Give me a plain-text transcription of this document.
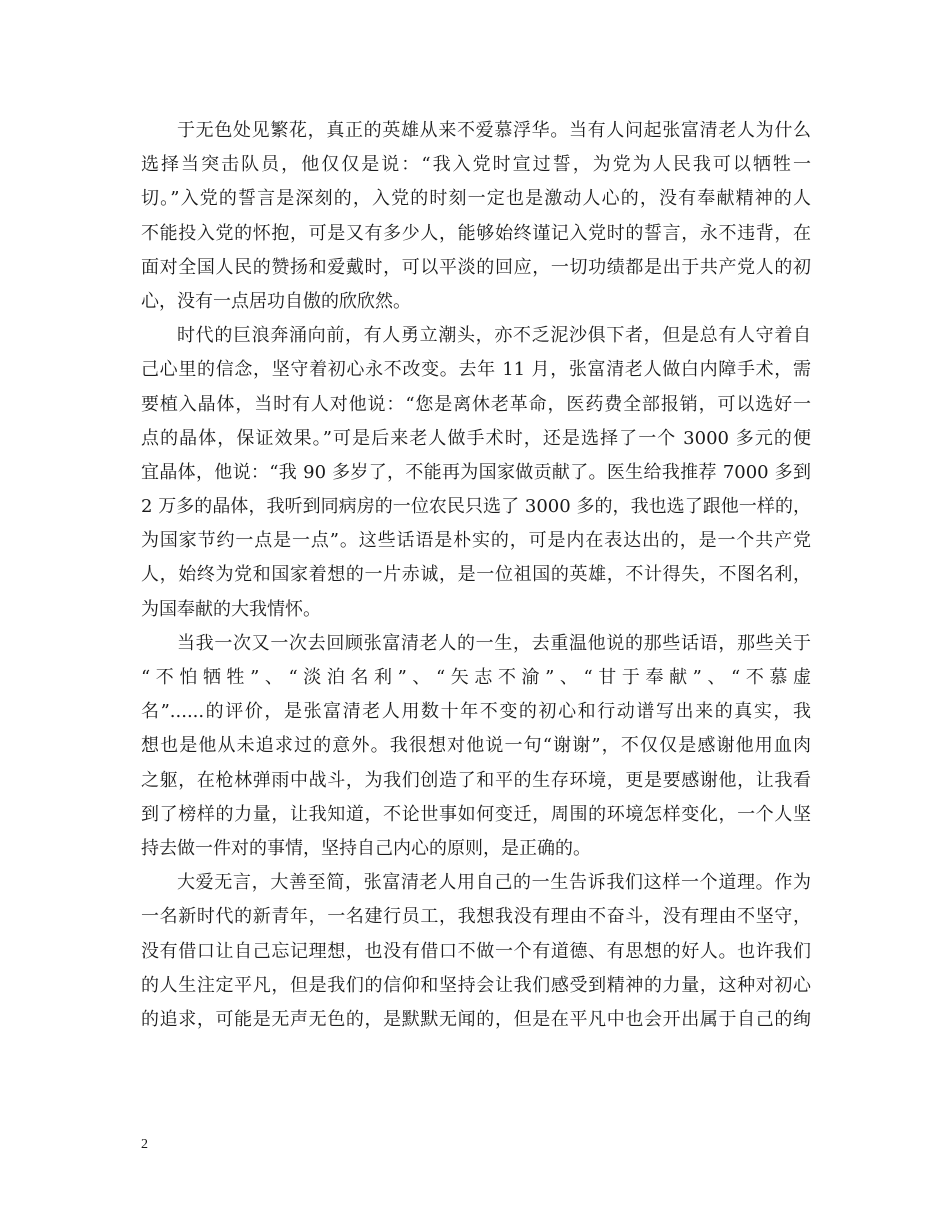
于无色处见繁花，真正的英雄从来不爱慕浮华。当有人问起张富清老人为什么
选择当突击队员，他仅仅是说：“我入党时宣过誓，为党为人民我可以牺牲一
切。”入党的誓言是深刻的，入党的时刻一定也是激动人心的，没有奉献精神的人
不能投入党的怀抱，可是又有多少人，能够始终谨记入党时的誓言，永不违背，在
面对全国人民的赞扬和爱戴时，可以平淡的回应，一切功绩都是出于共产党人的初
心，没有一点居功自傲的欣欣然。
时代的巨浪奔涌向前，有人勇立潮头，亦不乏泥沙俱下者，但是总有人守着自
己心里的信念，坚守着初心永不改变。去年 11 月，张富清老人做白内障手术，需
要植入晶体，当时有人对他说：“您是离休老革命，医药费全部报销，可以选好一
点的晶体，保证效果。”可是后来老人做手术时，还是选择了一个 3000 多元的便
宜晶体，他说：“我 90 多岁了，不能再为国家做贡献了。医生给我推荐 7000 多到
2 万多的晶体，我听到同病房的一位农民只选了 3000 多的，我也选了跟他一样的，
为国家节约一点是一点”。这些话语是朴实的，可是内在表达出的，是一个共产党
人，始终为党和国家着想的一片赤诚，是一位祖国的英雄，不计得失，不图名利，
为国奉献的大我情怀。
当我一次又一次去回顾张富清老人的一生，去重温他说的那些话语，那些关于
“不怕牺牲”、“淡泊名利”、“矢志不渝”、“甘于奉献”、“不慕虚
名”......的评价，是张富清老人用数十年不变的初心和行动谱写出来的真实，我
想也是他从未追求过的意外。我很想对他说一句“谢谢”，不仅仅是感谢他用血肉
之躯，在枪林弹雨中战斗，为我们创造了和平的生存环境，更是要感谢他，让我看
到了榜样的力量，让我知道，不论世事如何变迁，周围的环境怎样变化，一个人坚
持去做一件对的事情，坚持自己内心的原则，是正确的。
大爱无言，大善至简，张富清老人用自己的一生告诉我们这样一个道理。作为
一名新时代的新青年，一名建行员工，我想我没有理由不奋斗，没有理由不坚守，
没有借口让自己忘记理想，也没有借口不做一个有道德、有思想的好人。也许我们
的人生注定平凡，但是我们的信仰和坚持会让我们感受到精神的力量，这种对初心
的追求，可能是无声无色的，是默默无闻的，但是在平凡中也会开出属于自己的绚
2
